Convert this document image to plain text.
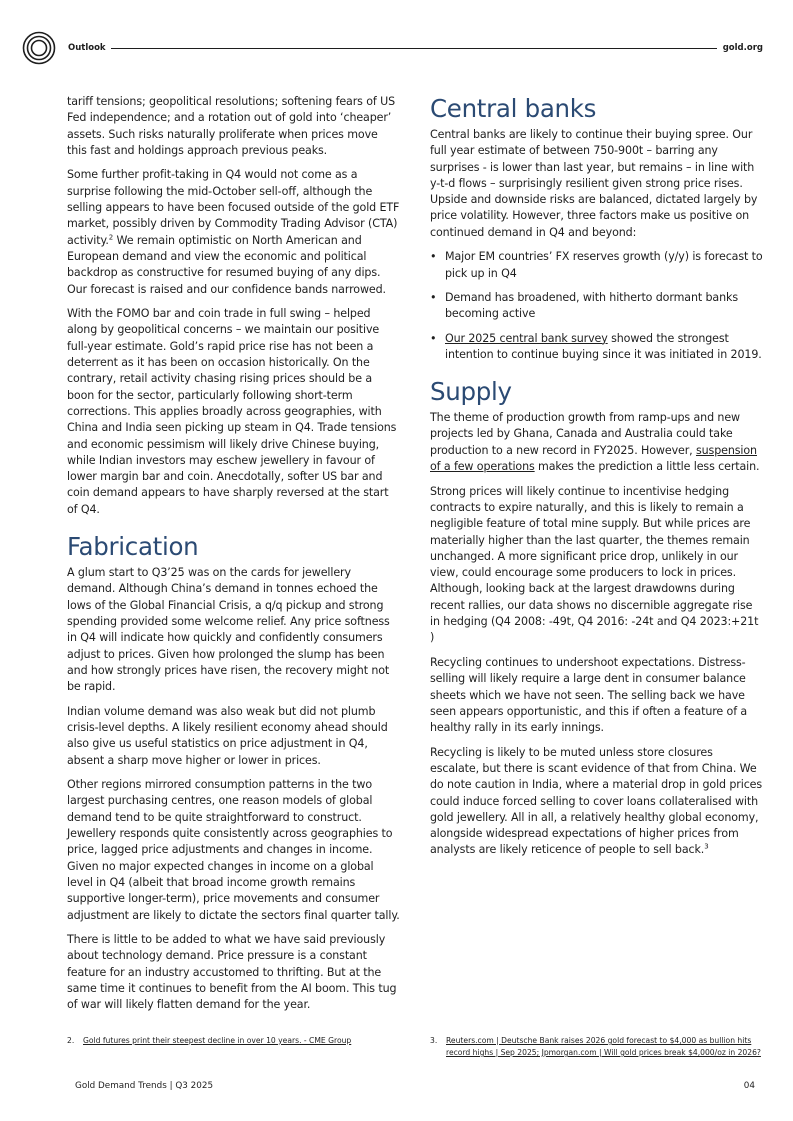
Outlook	gold.org

tariff tensions; geopolitical resolutions; softening fears of US Fed independence; and a rotation out of gold into ‘cheaper’ assets. Such risks naturally proliferate when prices move this fast and holdings approach previous peaks.

Some further profit-taking in Q4 would not come as a surprise following the mid-October sell-off, although the selling appears to have been focused outside of the gold ETF market, possibly driven by Commodity Trading Advisor (CTA) activity.$^2$ We remain optimistic on North American and European demand and view the economic and political backdrop as constructive for resumed buying of any dips. Our forecast is raised and our confidence bands narrowed.

With the FOMO bar and coin trade in full swing – helped along by geopolitical concerns – we maintain our positive full-year estimate. Gold’s rapid price rise has not been a deterrent as it has been on occasion historically. On the contrary, retail activity chasing rising prices should be a boon for the sector, particularly following short-term corrections. This applies broadly across geographies, with China and India seen picking up steam in Q4. Trade tensions and economic pessimism will likely drive Chinese buying, while Indian investors may eschew jewellery in favour of lower margin bar and coin. Anecdotally, softer US bar and coin demand appears to have sharply reversed at the start of Q4.

Fabrication

A glum start to Q3’25 was on the cards for jewellery demand. Although China’s demand in tonnes echoed the lows of the Global Financial Crisis, a q/q pickup and strong spending provided some welcome relief. Any price softness in Q4 will indicate how quickly and confidently consumers adjust to prices. Given how prolonged the slump has been and how strongly prices have risen, the recovery might not be rapid.

Indian volume demand was also weak but did not plumb crisis-level depths. A likely resilient economy ahead should also give us useful statistics on price adjustment in Q4, absent a sharp move higher or lower in prices.

Other regions mirrored consumption patterns in the two largest purchasing centres, one reason models of global demand tend to be quite straightforward to construct. Jewellery responds quite consistently across geographies to price, lagged price adjustments and changes in income. Given no major expected changes in income on a global level in Q4 (albeit that broad income growth remains supportive longer-term), price movements and consumer adjustment are likely to dictate the sectors final quarter tally.

There is little to be added to what we have said previously about technology demand. Price pressure is a constant feature for an industry accustomed to thrifting. But at the same time it continues to benefit from the AI boom. This tug of war will likely flatten demand for the year.

Central banks

Central banks are likely to continue their buying spree. Our full year estimate of between 750-900t – barring any surprises - is lower than last year, but remains – in line with y-t-d flows – surprisingly resilient given strong price rises. Upside and downside risks are balanced, dictated largely by price volatility. However, three factors make us positive on continued demand in Q4 and beyond:

• Major EM countries’ FX reserves growth (y/y) is forecast to pick up in Q4
• Demand has broadened, with hitherto dormant banks becoming active
• Our 2025 central bank survey showed the strongest intention to continue buying since it was initiated in 2019.
Supply

The theme of production growth from ramp-ups and new projects led by Ghana, Canada and Australia could take production to a new record in FY2025. However, suspension of a few operations makes the prediction a little less certain.

Strong prices will likely continue to incentivise hedging contracts to expire naturally, and this is likely to remain a negligible feature of total mine supply. But while prices are materially higher than the last quarter, the themes remain unchanged. A more significant price drop, unlikely in our view, could encourage some producers to lock in prices. Although, looking back at the largest drawdowns during recent rallies, our data shows no discernible aggregate rise in hedging (Q4 2008: -49t, Q4 2016: -24t and Q4 2023:+21t )

Recycling continues to undershoot expectations. Distress-selling will likely require a large dent in consumer balance sheets which we have not seen. The selling back we have seen appears opportunistic, and this if often a feature of a healthy rally in its early innings.

Recycling is likely to be muted unless store closures escalate, but there is scant evidence of that from China. We do note caution in India, where a material drop in gold prices could induce forced selling to cover loans collateralised with gold jewellery. All in all, a relatively healthy global economy, alongside widespread expectations of higher prices from analysts are likely reticence of people to sell back.$^3$

2.	Gold futures print their steepest decline in over 10 years. - CME Group	3.	Reuters.com | Deutsche Bank raises 2026 gold forecast to $4,000 as bullion hits record highs | Sep 2025; Jpmorgan.com | Will gold prices break $4,000/oz in 2026?
Gold Demand Trends | Q3 2025	04
